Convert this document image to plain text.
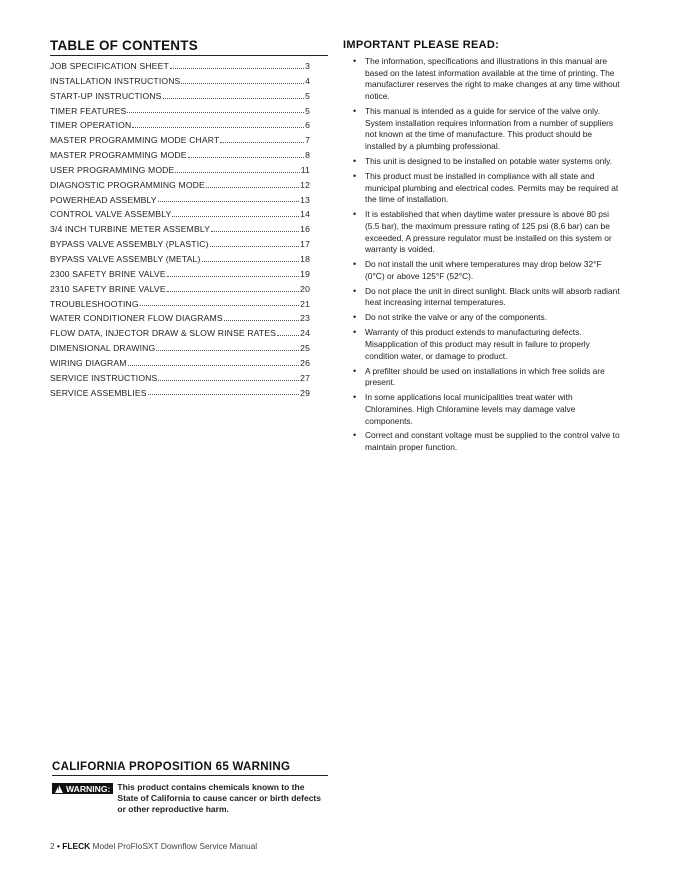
TABLE OF CONTENTS
JOB SPECIFICATION SHEET	3
INSTALLATION INSTRUCTIONS	4
START-UP INSTRUCTIONS	5
TIMER FEATURES	5
TIMER OPERATION	6
MASTER PROGRAMMING MODE CHART	7
MASTER PROGRAMMING MODE	8
USER PROGRAMMING MODE	11
DIAGNOSTIC PROGRAMMING MODE	12
POWERHEAD ASSEMBLY	13
CONTROL VALVE ASSEMBLY	14
3/4 INCH TURBINE METER ASSEMBLY	16
BYPASS VALVE ASSEMBLY (PLASTIC)	17
BYPASS VALVE ASSEMBLY (METAL)	18
2300 SAFETY BRINE VALVE	19
2310 SAFETY BRINE VALVE	20
TROUBLESHOOTING	21
WATER CONDITIONER FLOW DIAGRAMS	23
FLOW DATA, INJECTOR DRAW & SLOW RINSE RATES	24
DIMENSIONAL DRAWING	25
WIRING DIAGRAM	26
SERVICE INSTRUCTIONS	27
SERVICE ASSEMBLIES	29
IMPORTANT PLEASE READ:
• The information, specifications and illustrations in this manual are based on the latest information available at the time of printing. The manufacturer reserves the right to make changes at any time without notice.
• This manual is intended as a guide for service of the valve only. System installation requires information from a number of suppliers not known at the time of manufacture. This product should be installed by a plumbing professional.
• This unit is designed to be installed on potable water systems only.
• This product must be installed in compliance with all state and municipal plumbing and electrical codes. Permits may be required at the time of installation.
• It is established that when daytime water pressure is above 80 psi (5.5 bar), the maximum pressure rating of 125 psi (8.6 bar) can be exceeded. A pressure regulator must be installed on this system or warranty is voided.
• Do not install the unit where temperatures may drop below 32°F (0°C) or above 125°F (52°C).
• Do not place the unit in direct sunlight. Black units will absorb radiant heat increasing internal temperatures.
• Do not strike the valve or any of the components.
• Warranty of this product extends to manufacturing defects. Misapplication of this product may result in failure to properly condition water, or damage to product.
• A prefilter should be used on installations in which free solids are present.
• In some applications local municipalities treat water with Chloramines. High Chloramine levels may damage valve components.
• Correct and constant voltage must be supplied to the control valve to maintain proper function.
CALIFORNIA PROPOSITION 65 WARNING
!
WARNING: This product contains chemicals known to the State of California to cause cancer or birth defects or other reproductive harm.
2 • FLECK Model ProFloSXT Downflow Service Manual
